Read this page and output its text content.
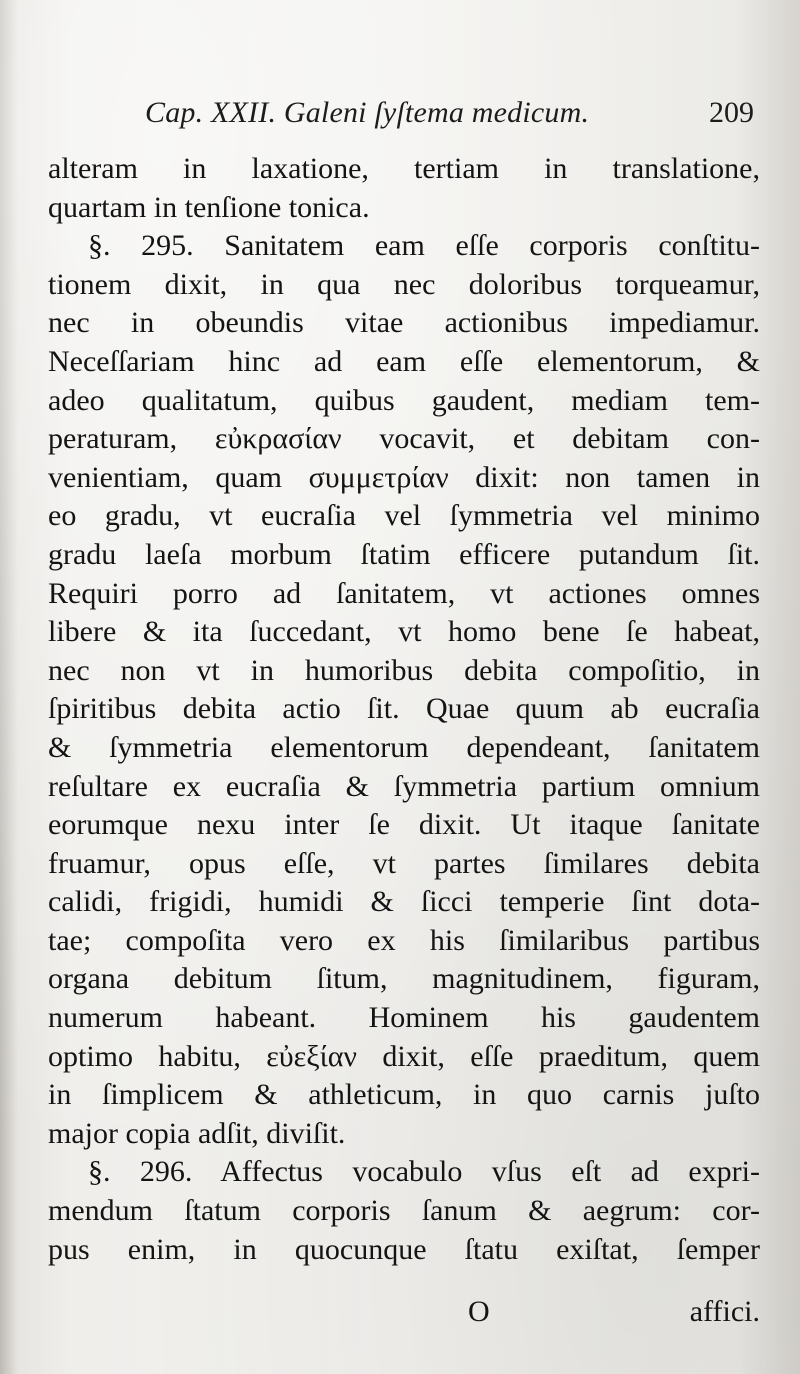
Cap. XXII. Galeni ſyſtema medicum.	209
alteram in laxatione, tertiam in translatione,
quartam in tenſione tonica.
§. 295. Sanitatem eam eſſe corporis conſtitu-
tionem dixit, in qua nec doloribus torqueamur,
nec in obeundis vitae actionibus impediamur.
Neceſſariam hinc ad eam eſſe elementorum, &
adeo qualitatum, quibus gaudent, mediam tem-
peraturam, εὐκρασίαν vocavit, et debitam con-
venientiam, quam συμμετρίαν dixit: non tamen in
eo gradu, vt eucraſia vel ſymmetria vel minimo
gradu laeſa morbum ſtatim efficere putandum ſit.
Requiri porro ad ſanitatem, vt actiones omnes
libere & ita ſuccedant, vt homo bene ſe habeat,
nec non vt in humoribus debita compoſitio, in
ſpiritibus debita actio ſit. Quae quum ab eucraſia
& ſymmetria elementorum dependeant, ſanitatem
reſultare ex eucraſia & ſymmetria partium omnium
eorumque nexu inter ſe dixit. Ut itaque ſanitate
fruamur, opus eſſe, vt partes ſimilares debita
calidi, frigidi, humidi & ſicci temperie ſint dota-
tae; compoſita vero ex his ſimilaribus partibus
organa debitum ſitum, magnitudinem, figuram,
numerum habeant. Hominem his gaudentem
optimo habitu, εὐεξίαν dixit, eſſe praeditum, quem
in ſimplicem & athleticum, in quo carnis juſto
major copia adſit, diviſit.
§. 296. Affectus vocabulo vſus eſt ad expri-
mendum ſtatum corporis ſanum & aegrum: cor-
pus enim, in quocunque ſtatu exiſtat, ſemper
O	affici.
